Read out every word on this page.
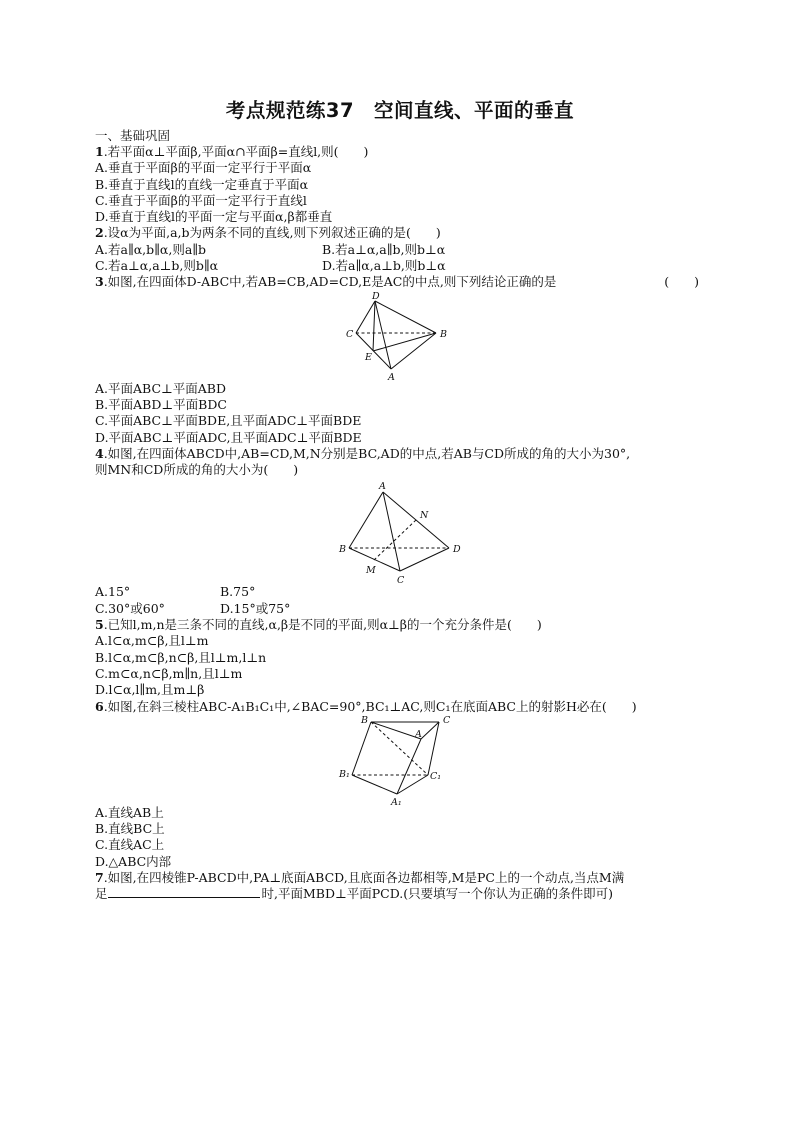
考点规范练37　空间直线、平面的垂直
一、基础巩固
1.若平面α⊥平面β,平面α∩平面β=直线l,则(　　)
A.垂直于平面β的平面一定平行于平面α
B.垂直于直线l的直线一定垂直于平面α
C.垂直于平面β的平面一定平行于直线l
D.垂直于直线l的平面一定与平面α,β都垂直
2.设α为平面,a,b为两条不同的直线,则下列叙述正确的是(　　)
A.若a∥α,b∥α,则a∥b	B.若a⊥α,a∥b,则b⊥α
C.若a⊥α,a⊥b,则b∥α	D.若a∥α,a⊥b,则b⊥α
3.如图,在四面体D-ABC中,若AB=CB,AD=CD,E是AC的中点,则下列结论正确的是	(　　)
D
C	B
E
A
A.平面ABC⊥平面ABD
B.平面ABD⊥平面BDC
C.平面ABC⊥平面BDE,且平面ADC⊥平面BDE
D.平面ABC⊥平面ADC,且平面ADC⊥平面BDE
4.如图,在四面体ABCD中,AB=CD,M,N分别是BC,AD的中点,若AB与CD所成的角的大小为30°,
则MN和CD所成的角的大小为(　　)
A
N
B	D
M
C
A.15°	B.75°
C.30°或60°	D.15°或75°
5.已知l,m,n是三条不同的直线,α,β是不同的平面,则α⊥β的一个充分条件是(　　)
A.l⊂α,m⊂β,且l⊥m
B.l⊂α,m⊂β,n⊂β,且l⊥m,l⊥n
C.m⊂α,n⊂β,m∥n,且l⊥m
D.l⊂α,l∥m,且m⊥β
6.如图,在斜三棱柱ABC-A₁B₁C₁中,∠BAC=90°,BC₁⊥AC,则C₁在底面ABC上的射影H必在(　　)
B	C
A
B₁	C₁
A₁
A.直线AB上
B.直线BC上
C.直线AC上
D.△ABC内部
7.如图,在四棱锥P-ABCD中,PA⊥底面ABCD,且底面各边都相等,M是PC上的一个动点,当点M满
足	时,平面MBD⊥平面PCD.(只要填写一个你认为正确的条件即可)
